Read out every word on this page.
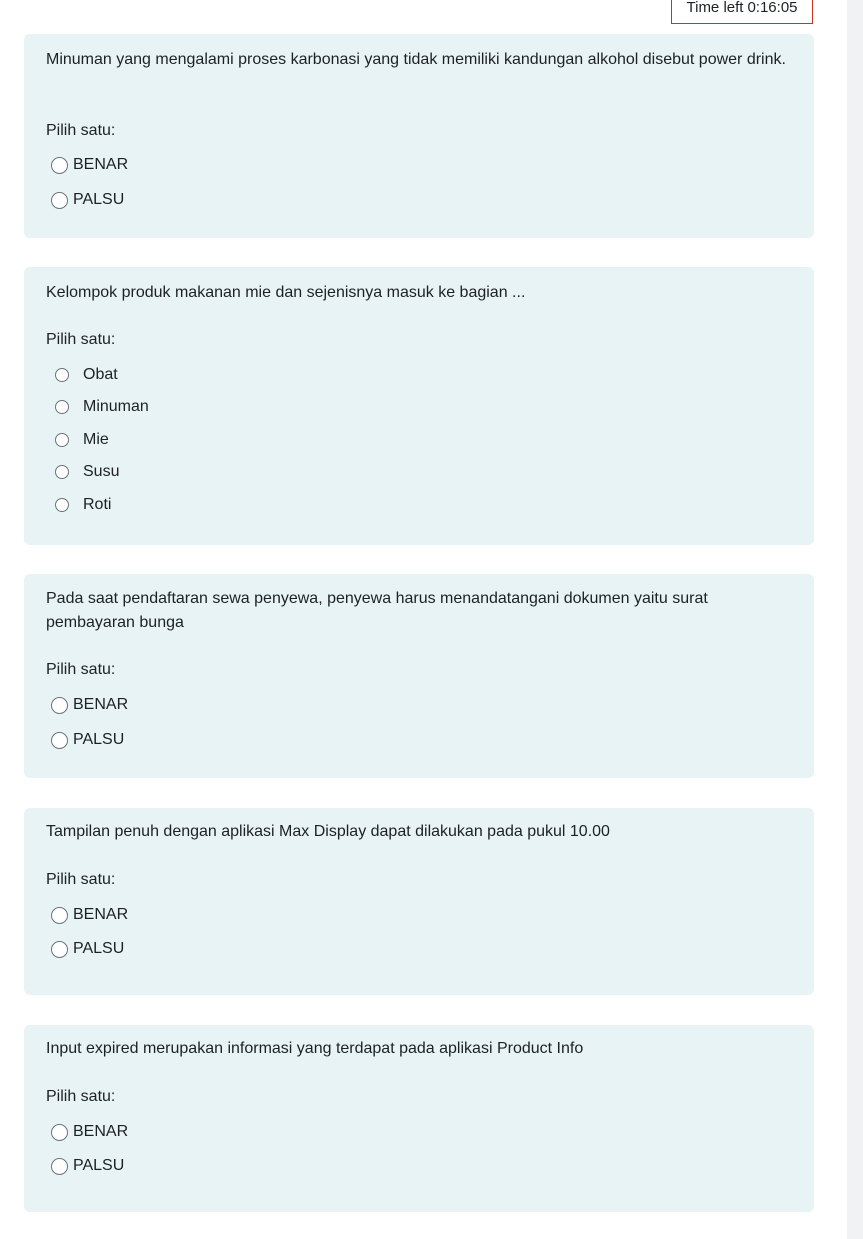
Time left 0:16:05

Minuman yang mengalami proses karbonasi yang tidak memiliki kandungan alkohol disebut power drink.

Pilih satu:

BENAR
PALSU

Kelompok produk makanan mie dan sejenisnya masuk ke bagian ...

Pilih satu:

Obat
Minuman
Mie
Susu
Roti

Pada saat pendaftaran sewa penyewa, penyewa harus menandatangani dokumen yaitu surat pembayaran bunga

Pilih satu:

BENAR
PALSU

Tampilan penuh dengan aplikasi Max Display dapat dilakukan pada pukul 10.00

Pilih satu:

BENAR
PALSU

Input expired merupakan informasi yang terdapat pada aplikasi Product Info

Pilih satu:

BENAR
PALSU
